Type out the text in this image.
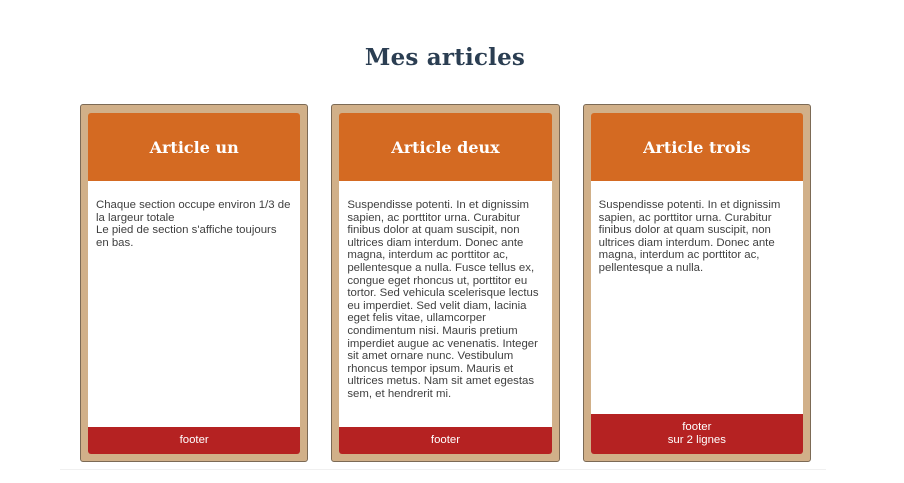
Mes articles
Article un

Chaque section occupe environ 1/3 de la largeur totale

Le pied de section s'affiche toujours en bas.

footer
Article deux

Suspendisse potenti. In et dignissim sapien, ac porttitor urna. Curabitur finibus dolor at quam suscipit, non ultrices diam interdum. Donec ante magna, interdum ac porttitor ac, pellentesque a nulla. Fusce tellus ex, congue eget rhoncus ut, porttitor eu tortor. Sed vehicula scelerisque lectus eu imperdiet. Sed velit diam, lacinia eget felis vitae, ullamcorper condimentum nisi. Mauris pretium imperdiet augue ac venenatis. Integer sit amet ornare nunc. Vestibulum rhoncus tempor ipsum. Mauris et ultrices metus. Nam sit amet egestas sem, et hendrerit mi.

footer
Article trois

Suspendisse potenti. In et dignissim sapien, ac porttitor urna. Curabitur finibus dolor at quam suscipit, non ultrices diam interdum. Donec ante magna, interdum ac porttitor ac, pellentesque a nulla.

footer
sur 2 lignes
